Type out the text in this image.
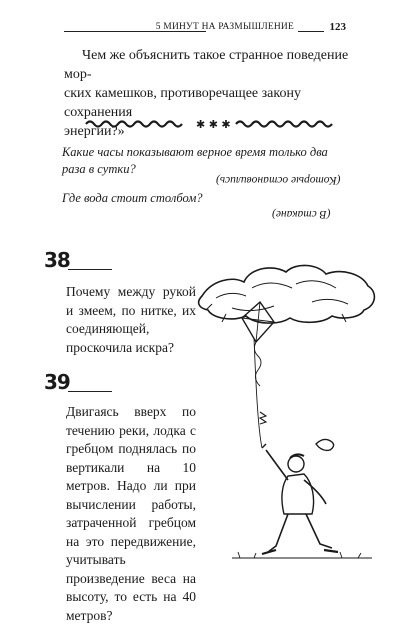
5 МИНУТ НА РАЗМЫШЛЕНИЕ	123

Чем же объяснить такое странное поведение мор-
ских камешков, противоречащее закону сохранения
энергии?»	✱ ✱ ✱

Какие часы показывают верное время только два раза в сутки?

(Которые остановились)

Где вода стоит столбом?

(В стакане)
38

Почему между рукой и змеем, по нитке, их соединяющей, проскочила искра?

39

Двигаясь вверх по течению реки, лодка с гребцом поднялась по вертикали на 10 метров. Надо ли при вычислении работы, затраченной гребцом на это передвижение, учитывать произведение веса на высоту, то есть на 40 метров?
